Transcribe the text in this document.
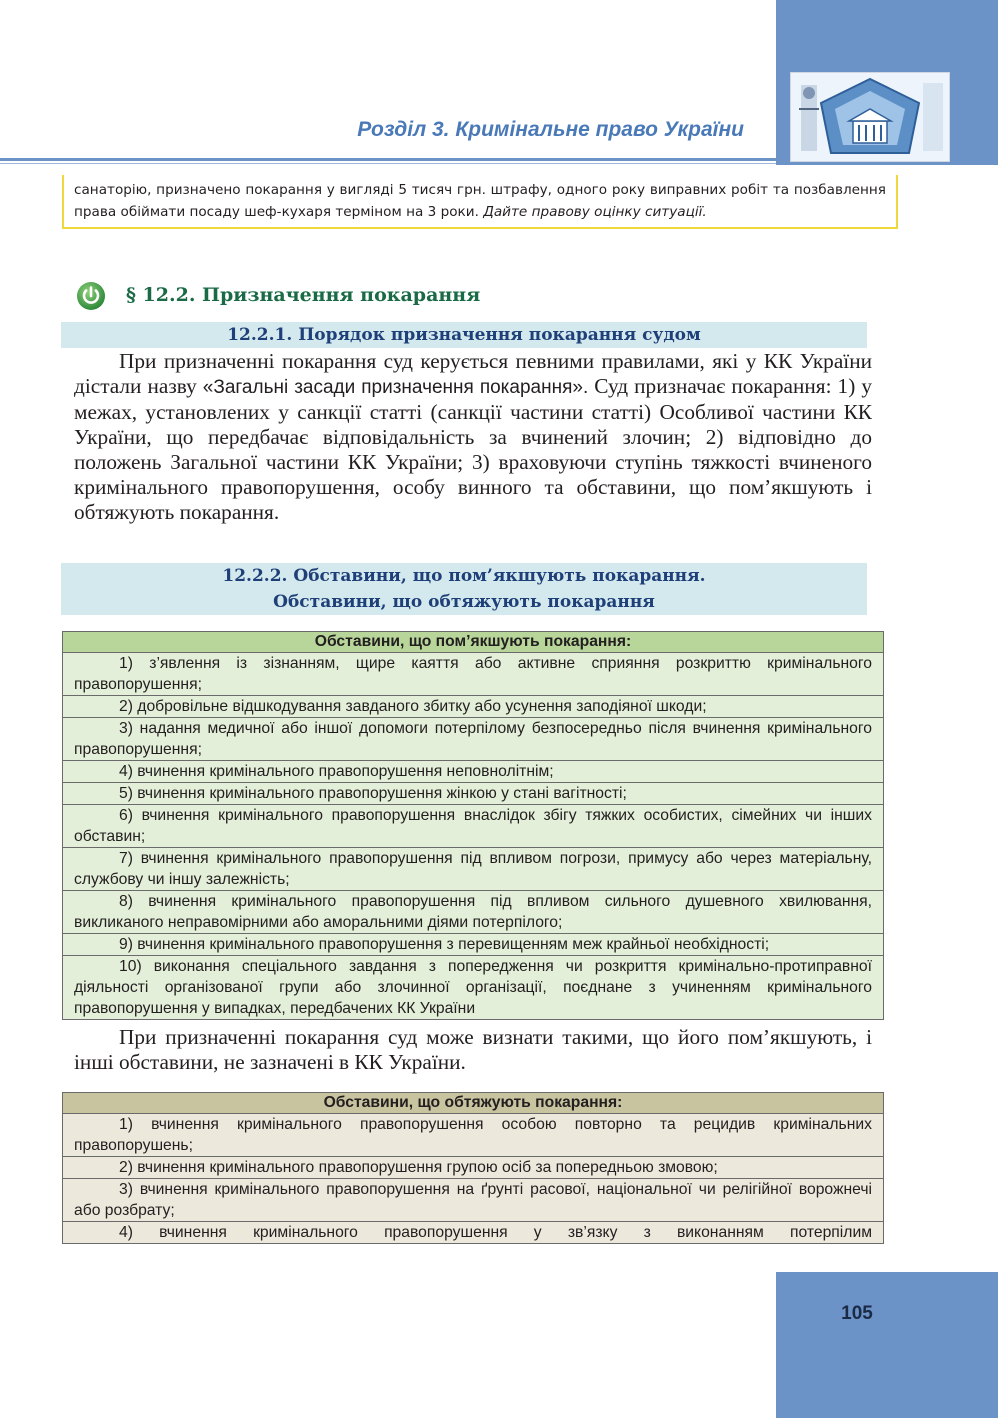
Розділ 3. Кримінальне право України
санаторію, призначено покарання у вигляді 5 тисяч грн. штрафу, одного року виправних робіт та позбавлення права обіймати посаду шеф-кухаря терміном на 3 роки. Дайте правову оцінку ситуації.
§ 12.2. Призначення покарання
12.2.1. Порядок призначення покарання судом
При призначенні покарання суд керується певними правилами, які у КК України дістали назву «Загальні засади призначення покарання». Суд призначає покарання: 1) у межах, установлених у санкції статті (санкції частини статті) Особливої частини КК України, що передбачає відповідальність за вчинений злочин; 2) відповідно до положень Загальної частини КК України; 3) враховуючи ступінь тяжкості вчиненого кримінального правопорушення, особу винного та обставини, що пом’якшують і обтяжують покарання.
12.2.2. Обставини, що пом’якшують покарання.
Обставини, що обтяжують покарання
Обставини, що пом’якшують покарання:
1) з’явлення із зізнанням, щире каяття або активне сприяння розкриттю кримінального правопорушення;
2) добровільне відшкодування завданого збитку або усунення заподіяної шкоди;
3) надання медичної або іншої допомоги потерпілому безпосередньо після вчинення кримінального правопорушення;
4) вчинення кримінального правопорушення неповнолітнім;
5) вчинення кримінального правопорушення жінкою у стані вагітності;
6) вчинення кримінального правопорушення внаслідок збігу тяжких особистих, сімейних чи інших обставин;
7) вчинення кримінального правопорушення під впливом погрози, примусу або через матеріальну, службову чи іншу залежність;
8) вчинення кримінального правопорушення під впливом сильного душевного хвилювання, викликаного неправомірними або аморальними діями потерпілого;
9) вчинення кримінального правопорушення з перевищенням меж крайньої необхідності;
10) виконання спеціального завдання з попередження чи розкриття кримінально-протиправної діяльності організованої групи або злочинної організації, поєднане з учиненням кримінального правопорушення у випадках, передбачених КК України
При призначенні покарання суд може визнати такими, що його пом’якшують, і інші обставини, не зазначені в КК України.
Обставини, що обтяжують покарання:
1) вчинення кримінального правопорушення особою повторно та рецидив кримінальних правопорушень;
2) вчинення кримінального правопорушення групою осіб за попередньою змовою;
3) вчинення кримінального правопорушення на ґрунті расової, національної чи релігійної ворожнечі або розбрату;
4) вчинення кримінального правопорушення у зв’язку з виконанням потерпілим
105
